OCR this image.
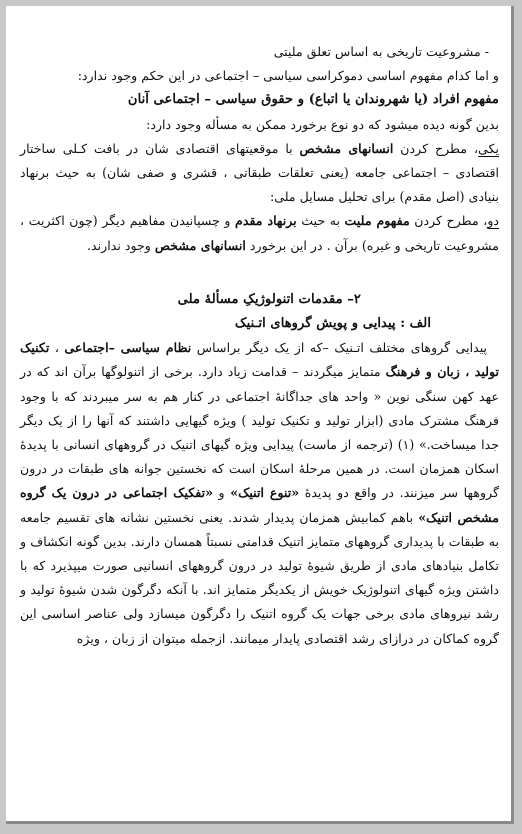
- مشروعیت تاریخی به اساس تعلق ملیتی

و اما کدام مفهوم اساسی دموکراسی سیاسی – اجتماعی در این حکم وجود ندارد:

مفهوم افراد (یا شهروندان یا اتباع) و حقوق سیاسی – اجتماعی آنان

بدین گونه دیده میشود که دو نوع برخورد ممکن به مسأله وجود دارد:

یکی، مطرح کردن انسانهای مشخص با موقعیتهای اقتصادی شان در بافت کـلی ساختار اقتصادی – اجتماعی جامعه (یعنی تعلقات طبقاتی ، قشری و صفی شان) به حیث برنهاد بنیادی (اصل مقدم) برای تحلیل مسایل ملی:

دو، مطرح کردن مفهوم ملیت به حیث برنهاد مقدم و چسپانیدن مفاهیم دیگر (چون اکثریت ، مشروعیت تاریخی و غیره) برآن . در این برخورد انسانهای مشخص وجود ندارند.

۲– مقدمات اتنولوژیکِ مسألهٔ ملی

الف : پیدایی و پویش گروهای اتـنیک

پیدایی گروهای مختلف اتـنیک –که از یک دیگر براساس نظام سیاسی –اجتماعی ، تکنیک تولید ، زبان و فرهنگ متمایز میگردند – قدامت زیاد دارد. برخی از اتنولوگها برآن اند که در عهد کهن سنگی نوین « واحد های جداگانهٔ اجتماعی در کنار هم به سر میبردند که با وجود فرهنگ مشترک مادی (ابزار تولید و تکنیک تولید ) ویژه گیهایی داشتند که آنها را از یک دیگر جدا میساخت.» (۱) (ترجمه از ماست) پیدایی ویژه گیهای اتنیک در گروههای انسانی با پدیدهٔ اسکان همزمان است. در همین مرحلهٔ اسکان است که نخستین جوانه های طبقات در درون گروهها سر میزنند. در واقع دو پدیدهٔ «تنوع اتنیک» و «تفکیک اجتماعی در درون یک گروه مشخص اتنیک» باهم کمابیش همزمان پدیدار شدند. یعنی نخستین نشانه های تقسیم جامعه به طبقات با پدیداری گروههای متمایز اتنیک قدامتی نسبتاً همسان دارند. بدین گونه انکشاف و تکامل بنیادهای مادی از طریق شیوهٔ تولید در درون گروههای انسانیی صورت میپذیرد که با داشتن ویژه گیهای اتنولوژیک خویش از یکدیگر متمایز اند. با آنکه دگرگون شدن شیوهٔ تولید و رشد نیروهای مادی برخی جهات یک گروه اتنیک را دگرگون میسازد ولی عناصر اساسی این گروه کماکان در درازای رشد اقتصادی پایدار میمانند. ازجمله میتوان از زبان ، ویژه
